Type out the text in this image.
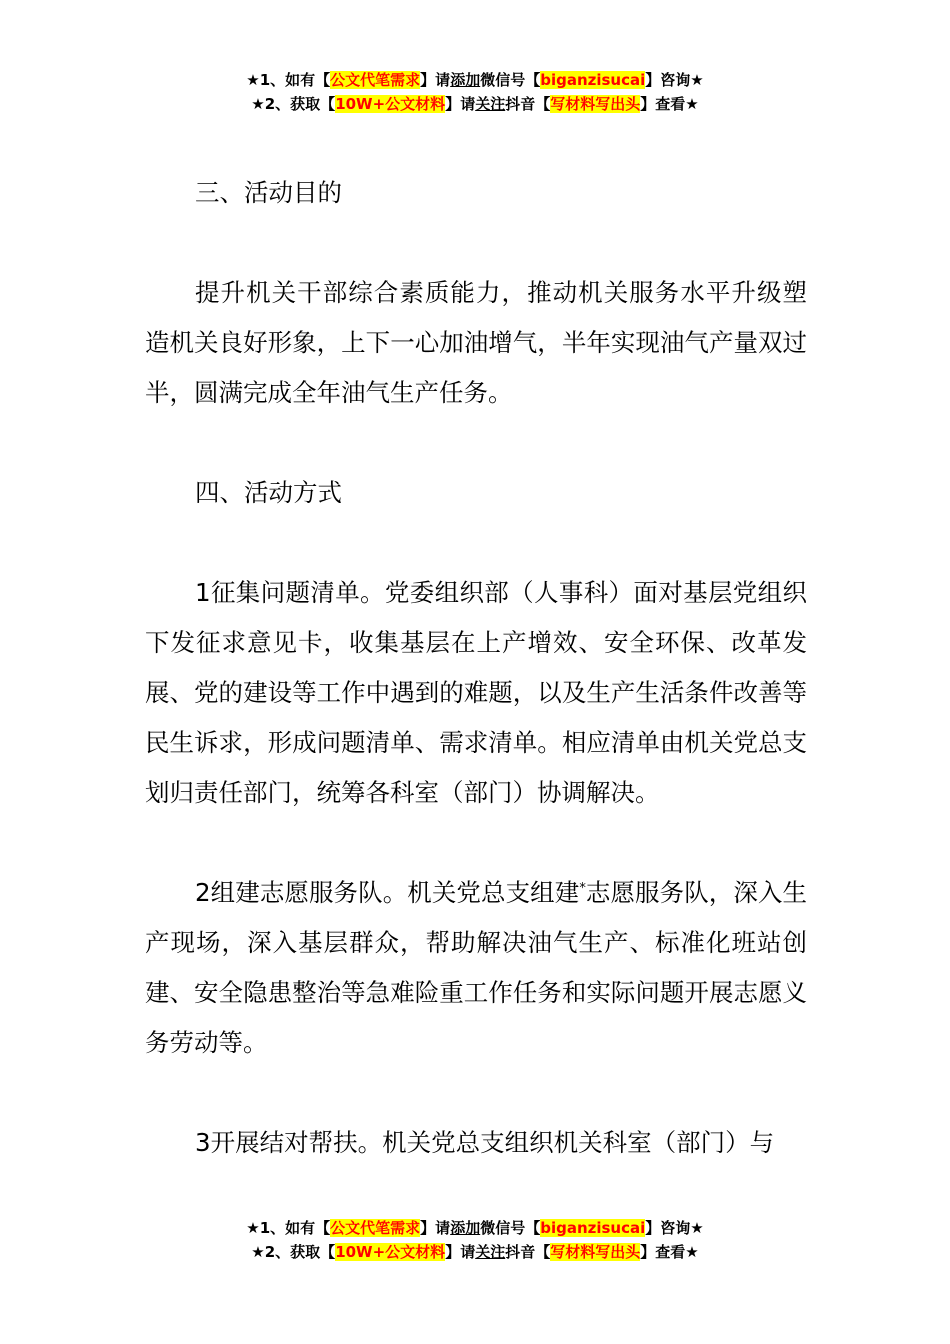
★1、如有【公文代笔需求】请添加微信号【biganzisucai】咨询★
★2、获取【10W+公文材料】请关注抖音【写材料写出头】查看★

三、活动目的

提升机关干部综合素质能力，推动机关服务水平升级塑造机关良好形象，上下一心加油增气，半年实现油气产量双过半，圆满完成全年油气生产任务。

四、活动方式

1征集问题清单。党委组织部（人事科）面对基层党组织下发征求意见卡，收集基层在上产增效、安全环保、改革发展、党的建设等工作中遇到的难题，以及生产生活条件改善等民生诉求，形成问题清单、需求清单。相应清单由机关党总支划归责任部门，统筹各科室（部门）协调解决。

2组建志愿服务队。机关党总支组建*志愿服务队，深入生产现场，深入基层群众，帮助解决油气生产、标准化班站创建、安全隐患整治等急难险重工作任务和实际问题开展志愿义务劳动等。

3开展结对帮扶。机关党总支组织机关科室（部门）与

★1、如有【公文代笔需求】请添加微信号【biganzisucai】咨询★
★2、获取【10W+公文材料】请关注抖音【写材料写出头】查看★
